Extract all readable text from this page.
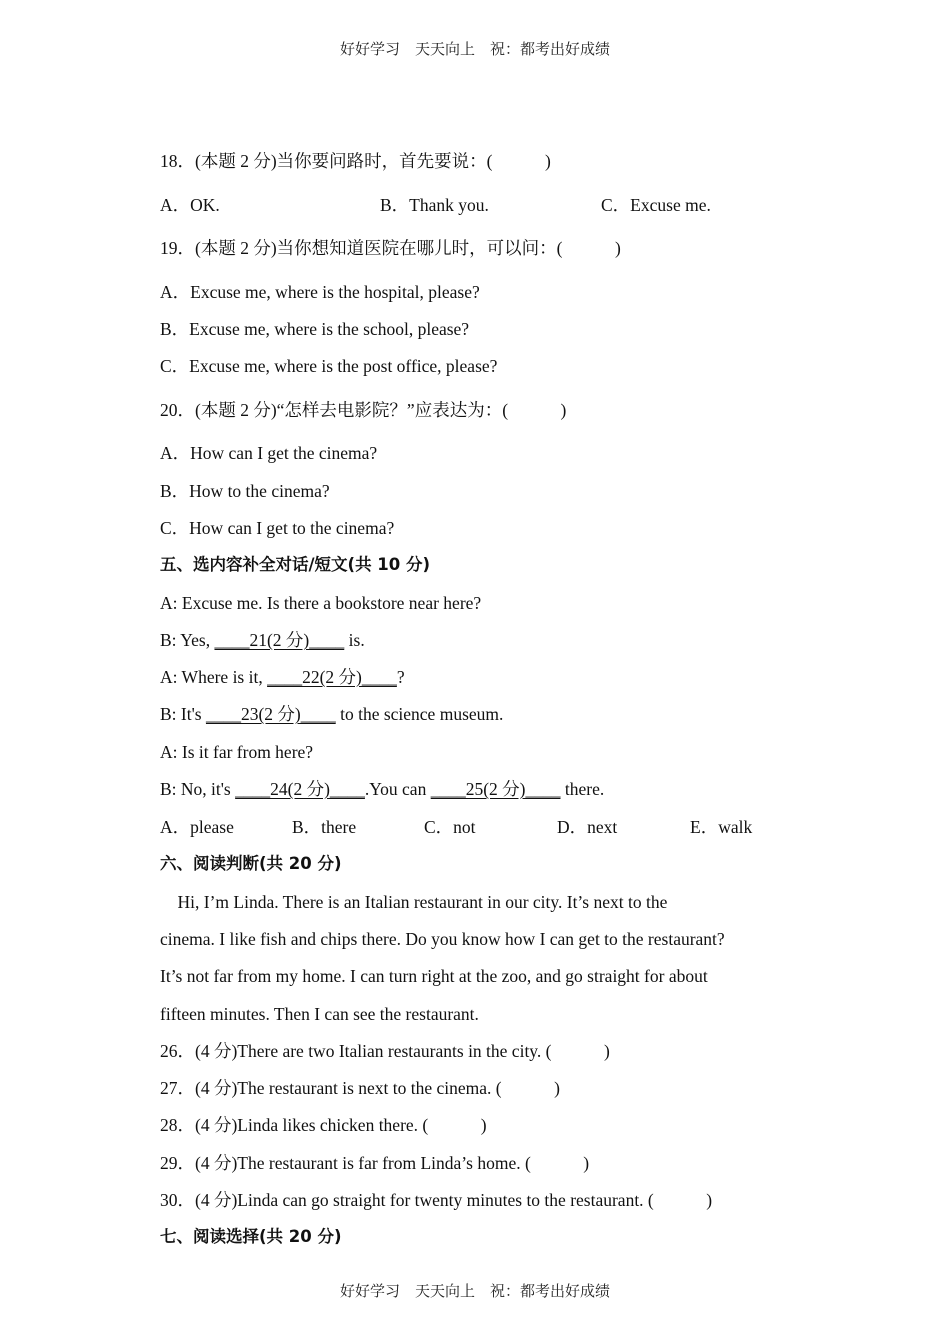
好好学习　天天向上　祝：都考出好成绩
18．(本题 2 分)当你要问路时，首先要说：(　　　)
A．OK.	B．Thank you.	C．Excuse me.
19．(本题 2 分)当你想知道医院在哪儿时，可以问：(　　　)
A．Excuse me, where is the hospital, please?
B．Excuse me, where is the school, please?
C．Excuse me, where is the post office, please?
20．(本题 2 分)“怎样去电影院？”应表达为：(　　　)
A．How can I get the cinema?
B．How to the cinema?
C．How can I get to the cinema?
五、选内容补全对话/短文(共 10 分)
A: Excuse me. Is there a bookstore near here?
B: Yes, ____21(2 分)____ is.
A: Where is it, ____22(2 分)____?
B: It's ____23(2 分)____ to the science museum.
A: Is it far from here?
B: No, it's ____24(2 分)____.You can ____25(2 分)____ there.
A．please	B．there	C．not	D．next	E．walk
六、阅读判断(共 20 分)
Hi, I’m Linda. There is an Italian restaurant in our city. It’s next to the
cinema. I like fish and chips there. Do you know how I can get to the restaurant?
It’s not far from my home. I can turn right at the zoo, and go straight for about
fifteen minutes. Then I can see the restaurant.
26．(4 分)There are two Italian restaurants in the city. (　　　)
27．(4 分)The restaurant is next to the cinema. (　　　)
28．(4 分)Linda likes chicken there. (　　　)
29．(4 分)The restaurant is far from Linda’s home. (　　　)
30．(4 分)Linda can go straight for twenty minutes to the restaurant. (　　　)
七、阅读选择(共 20 分)
好好学习　天天向上　祝：都考出好成绩
